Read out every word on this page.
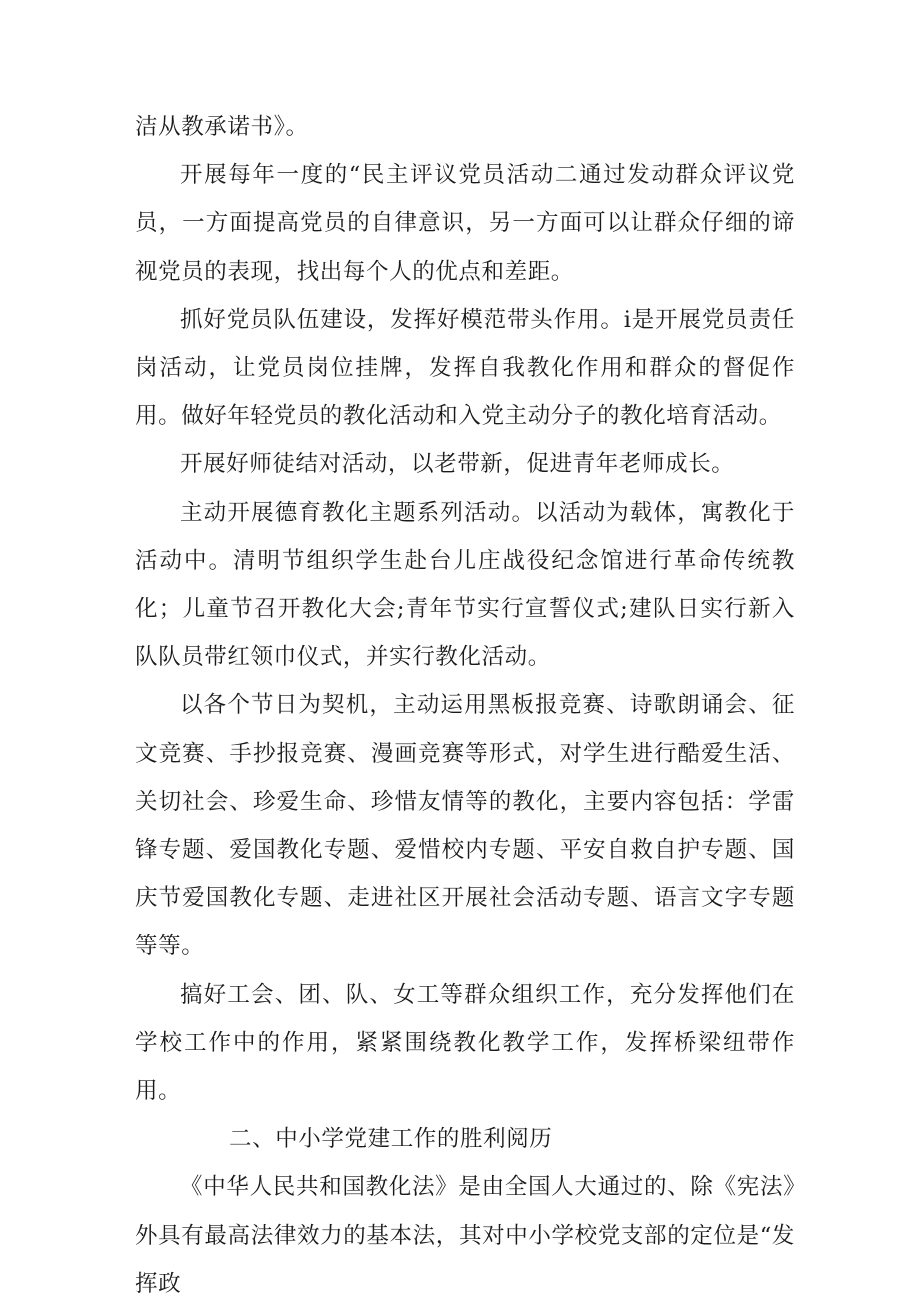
洁从教承诺书》。

开展每年一度的“民主评议党员活动二通过发动群众评议党员，一方面提高党员的自律意识，另一方面可以让群众仔细的谛视党员的表现，找出每个人的优点和差距。

抓好党员队伍建设，发挥好模范带头作用。i是开展党员责任岗活动，让党员岗位挂牌，发挥自我教化作用和群众的督促作用。做好年轻党员的教化活动和入党主动分子的教化培育活动。

开展好师徒结对活动，以老带新，促进青年老师成长。

主动开展德育教化主题系列活动。以活动为载体，寓教化于活动中。清明节组织学生赴台儿庄战役纪念馆进行革命传统教化；儿童节召开教化大会;青年节实行宣誓仪式;建队日实行新入队队员带红领巾仪式，并实行教化活动。

以各个节日为契机，主动运用黑板报竞赛、诗歌朗诵会、征文竞赛、手抄报竞赛、漫画竞赛等形式，对学生进行酷爱生活、关切社会、珍爱生命、珍惜友情等的教化，主要内容包括：学雷锋专题、爱国教化专题、爱惜校内专题、平安自救自护专题、国庆节爱国教化专题、走进社区开展社会活动专题、语言文字专题等等。

搞好工会、团、队、女工等群众组织工作，充分发挥他们在学校工作中的作用，紧紧围绕教化教学工作，发挥桥梁纽带作用。

二、中小学党建工作的胜利阅历

《中华人民共和国教化法》是由全国人大通过的、除《宪法》外具有最高法律效力的基本法，其对中小学校党支部的定位是“发挥政
